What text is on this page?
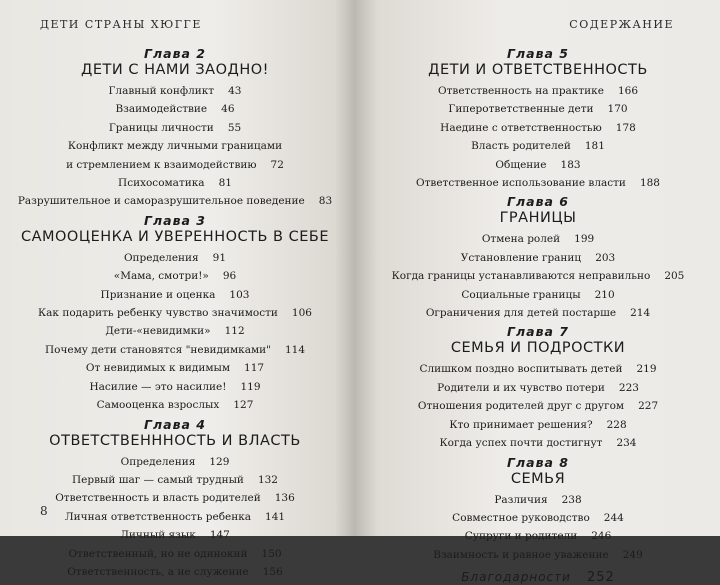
ДЕТИ СТРАНЫ ХЮГГЕ
Глава 2
ДЕТИ С НАМИ ЗАОДНО!
Главный конфликт 43
Взаимодействие 46
Границы личности 55
Конфликт между личными границами
и стремлением к взаимодействию 72
Психосоматика 81
Разрушительное и саморазрушительное поведение 83
Глава 3
САМООЦЕНКА И УВЕРЕННОСТЬ В СЕБЕ
Определения 91
«Мама, смотри!» 96
Признание и оценка 103
Как подарить ребенку чувство значимости 106
Дети-«невидимки» 112
Почему дети становятся "невидимками" 114
От невидимых к видимым 117
Насилие — это насилие! 119
Самооценка взрослых 127
Глава 4
ОТВЕТСТВЕНННОСТЬ И ВЛАСТЬ
Определения 129
Первый шаг — самый трудный 132
Ответственность и власть родителей 136
Личная ответственность ребенка 141
Личный язык 147
Ответственный, но не одинокий 150
Ответственность, а не служение 156
8
СОДЕРЖАНИЕ
Глава 5
ДЕТИ И ОТВЕТСТВЕННОСТЬ
Ответственность на практике 166
Гиперответственные дети 170
Наедине с ответственностью 178
Власть родителей 181
Общение 183
Ответственное использование власти 188
Глава 6
ГРАНИЦЫ
Отмена ролей 199
Установление границ 203
Когда границы устанавливаются неправильно 205
Социальные границы 210
Ограничения для детей постарше 214
Глава 7
СЕМЬЯ И ПОДРОСТКИ
Слишком поздно воспитывать детей 219
Родители и их чувство потери 223
Отношения родителей друг с другом 227
Кто принимает решения? 228
Когда успех почти достигнут 234
Глава 8
СЕМЬЯ
Различия 238
Совместное руководство 244
Супруги и родители 246
Взаимность и равное уважение 249
Благодарности 252
